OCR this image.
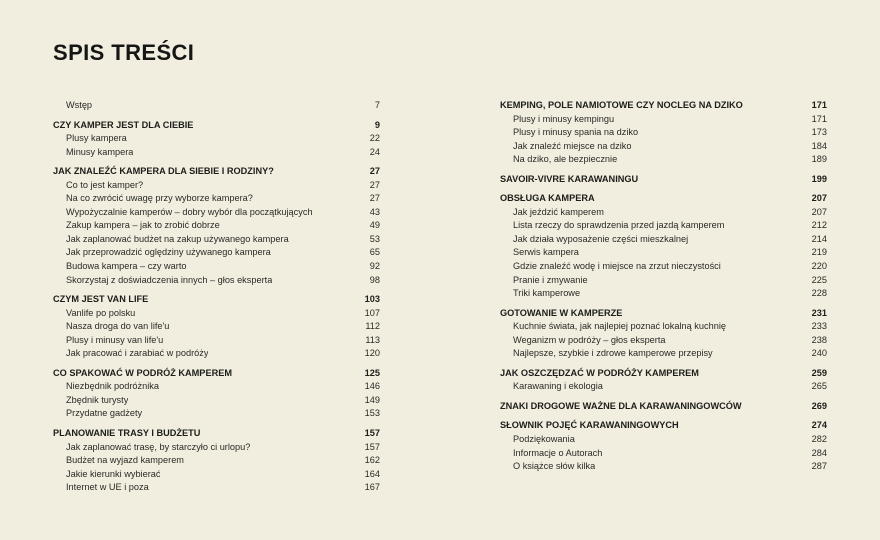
SPIS TREŚCI
Wstęp	7
CZY KAMPER JEST DLA CIEBIE	9
Plusy kampera	22
Minusy kampera	24
JAK ZNALEŹĆ KAMPERA DLA SIEBIE I RODZINY?	27
Co to jest kamper?	27
Na co zwrócić uwagę przy wyborze kampera?	27
Wypożyczalnie kamperów – dobry wybór dla początkujących	43
Zakup kampera – jak to zrobić dobrze	49
Jak zaplanować budżet na zakup używanego kampera	53
Jak przeprowadzić oględziny używanego kampera	65
Budowa kampera – czy warto	92
Skorzystaj z doświadczenia innych – głos eksperta	98
CZYM JEST VAN LIFE	103
Vanlife po polsku	107
Nasza droga do van life'u	112
Plusy i minusy van life'u	113
Jak pracować i zarabiać w podróży	120
CO SPAKOWAĆ W PODRÓŻ KAMPEREM	125
Niezbędnik podróżnika	146
Zbędnik turysty	149
Przydatne gadżety	153
PLANOWANIE TRASY I BUDŻETU	157
Jak zaplanować trasę, by starczyło ci urlopu?	157
Budżet na wyjazd kamperem	162
Jakie kierunki wybierać	164
Internet w UE i poza	167
KEMPING, POLE NAMIOTOWE CZY NOCLEG NA DZIKO	171
Plusy i minusy kempingu	171
Plusy i minusy spania na dziko	173
Jak znaleźć miejsce na dziko	184
Na dziko, ale bezpiecznie	189
SAVOIR-VIVRE KARAWANINGU	199
OBSŁUGA KAMPERA	207
Jak jeździć kamperem	207
Lista rzeczy do sprawdzenia przed jazdą kamperem	212
Jak działa wyposażenie części mieszkalnej	214
Serwis kampera	219
Gdzie znaleźć wodę i miejsce na zrzut nieczystości	220
Pranie i zmywanie	225
Triki kamperowe	228
GOTOWANIE W KAMPERZE	231
Kuchnie świata, jak najlepiej poznać lokalną kuchnię	233
Weganizm w podróży – głos eksperta	238
Najlepsze, szybkie i zdrowe kamperowe przepisy	240
JAK OSZCZĘDZAĆ W PODRÓŻY KAMPEREM	259
Karawaning i ekologia	265
ZNAKI DROGOWE WAŻNE DLA KARAWANINGOWCÓW	269
SŁOWNIK POJĘĆ KARAWANINGOWYCH	274
Podziękowania	282
Informacje o Autorach	284
O książce słów kilka	287
